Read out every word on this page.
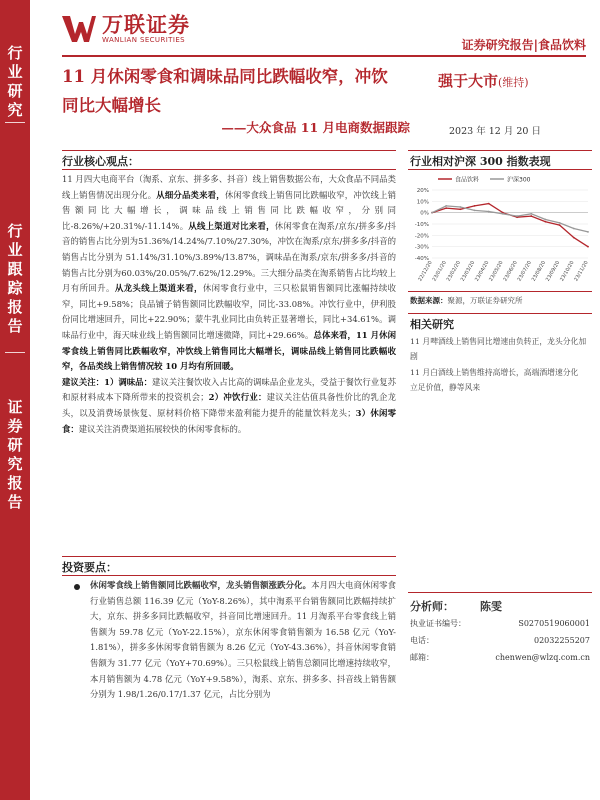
行
业
研
究
行
业
跟
踪
报
告
证
券
研
究
报
告
万联证券
WANLIAN SECURITIES	证券研究报告|食品饮料
11 月休闲零食和调味品同比跌幅收窄，冲饮同比大幅增长
——大众食品 11 月电商数据跟踪
强于大市(维持)
2023 年 12 月 20 日
行业核心观点：
11 月四大电商平台（淘系、京东、拼多多、抖音）线上销售数据公布，大众食品不同品类线上销售情况出现分化。从细分品类来看，休闲零食线上销售同比跌幅收窄，冲饮线上销售额同比大幅增长，调味品线上销售同比跌幅收窄，分别同比-8.26%/+20.31%/-11.14%。从线上渠道对比来看，休闲零食在淘系/京东/拼多多/抖音的销售占比分别为51.36%/14.24%/7.10%/27.30%，冲饮在淘系/京东/拼多多/抖音的销售占比分别为 51.14%/31.10%/3.89%/13.87%，调味品在淘系/京东/拼多多/抖音的销售占比分别为60.03%/20.05%/7.62%/12.29%。三大细分品类在淘系销售占比均较上月有所回升。从龙头线上渠道来看，休闲零食行业中，三只松鼠销售额同比涨幅持续收窄，同比+9.58%；良品铺子销售额同比跌幅收窄，同比-33.08%。冲饮行业中，伊利股份同比增速回升，同比+22.90%；蒙牛乳业同比由负转正显著增长，同比+34.61%。调味品行业中，海天味业线上销售额同比增速微降，同比+29.66%。总体来看，11 月休闲零食线上销售同比跌幅收窄，冲饮线上销售同比大幅增长，调味品线上销售同比跌幅收窄，各品类线上销售情况较 10 月均有所回暖。
建议关注：1）调味品：建议关注餐饮收入占比高的调味品企业龙头，受益于餐饮行业复苏和原材料成本下降所带来的投资机会；2）冲饮行业：建议关注估值具备性价比的乳企龙头，以及消费场景恢复、原材料价格下降带来盈利能力提升的能量饮料龙头；3）休闲零食：建议关注消费渠道拓展较快的休闲零食标的。
投资要点：
休闲零食线上销售额同比跌幅收窄，龙头销售额涨跌分化。本月四大电商休闲零食行业销售总额 116.39 亿元（YoY-8.26%），其中淘系平台销售额同比跌幅持续扩大，京东、拼多多同比跌幅收窄，抖音同比增速回升。11 月淘系平台零食线上销售额为 59.78 亿元（YoY-22.15%），京东休闲零食销售额为 16.58 亿元（YoY-1.81%），拼多多休闲零食销售额为 8.26 亿元（YoY-43.36%），抖音休闲零食销售额为 31.77 亿元（YoY+70.69%）。三只松鼠线上销售总额同比增速持续收窄，本月销售额为 4.78 亿元（YoY+9.58%），淘系、京东、拼多多、抖音线上销售额分别为 1.98/1.26/0.17/1.37 亿元，占比分别为
行业相对沪深 300 指数表现
食品饮料	沪深300
20%
10%
0%
-10%
-20%
-30%
-40%
22/12/20
23/01/20
23/02/20
23/03/20
23/04/20
23/05/20
23/06/20
23/07/20
23/08/20
23/09/20
23/10/20
23/11/20
数据来源：聚源，万联证券研究所
相关研究
11 月啤酒线上销售同比增速由负转正，龙头分化加剧
11 月白酒线上销售维持高增长，高端酒增速分化
立足价值，静等风来
分析师： 陈雯
执业证书编号：	S0270519060001
电话：	02032255207
邮箱：	chenwen@wlzq.com.cn
